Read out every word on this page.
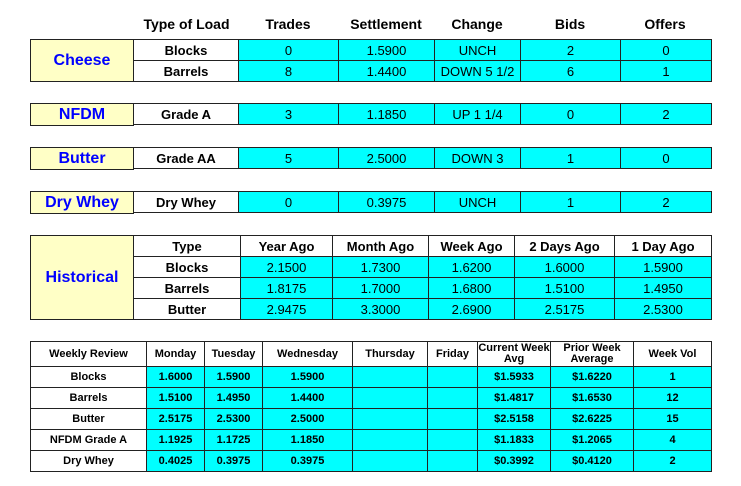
Type of Load	Trades	Settlement	Change	Bids	Offers
Cheese
Blocks	0	1.5900	UNCH	2	0
Barrels	8	1.4400	DOWN 5 1/2	6	1
NFDM	Grade A	3	1.1850	UP 1 1/4	0	2
Butter	Grade AA	5	2.5000	DOWN 3	1	0
Dry Whey	Dry Whey	0	0.3975	UNCH	1	2
Historical
Type	Year Ago	Month Ago	Week Ago	2 Days Ago	1 Day Ago
Blocks	2.1500	1.7300	1.6200	1.6000	1.5900
Barrels	1.8175	1.7000	1.6800	1.5100	1.4950
Butter	2.9475	3.3000	2.6900	2.5175	2.5300
Weekly Review	Monday	Tuesday	Wednesday	Thursday	Friday	Current Week Avg	Prior Week Average	Week Vol
Blocks	1.6000	1.5900	1.5900			$1.5933	$1.6220	1
Barrels	1.5100	1.4950	1.4400			$1.4817	$1.6530	12
Butter	2.5175	2.5300	2.5000			$2.5158	$2.6225	15
NFDM Grade A	1.1925	1.1725	1.1850			$1.1833	$1.2065	4
Dry Whey	0.4025	0.3975	0.3975			$0.3992	$0.4120	2
